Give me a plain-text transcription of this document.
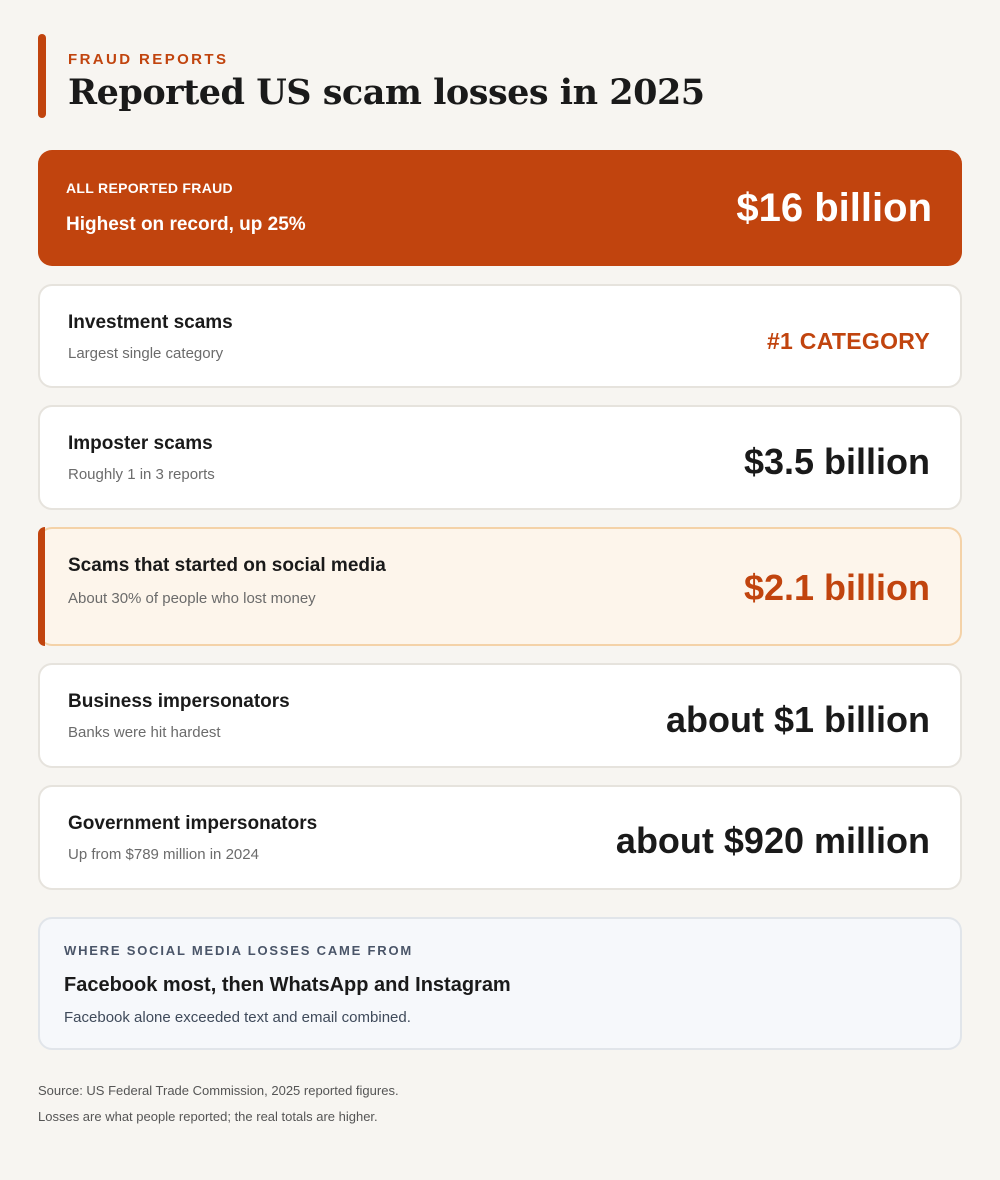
FRAUD REPORTS
Reported US scam losses in 2025
ALL REPORTED FRAUD
Highest on record, up 25%	$16 billion
Investment scams
Largest single category	#1 CATEGORY
Imposter scams
Roughly 1 in 3 reports	$3.5 billion
Scams that started on social media
About 30% of people who lost money	$2.1 billion
Business impersonators
Banks were hit hardest	about $1 billion
Government impersonators
Up from $789 million in 2024	about $920 million
WHERE SOCIAL MEDIA LOSSES CAME FROM
Facebook most, then WhatsApp and Instagram
Facebook alone exceeded text and email combined.
Source: US Federal Trade Commission, 2025 reported figures.
Losses are what people reported; the real totals are higher.
